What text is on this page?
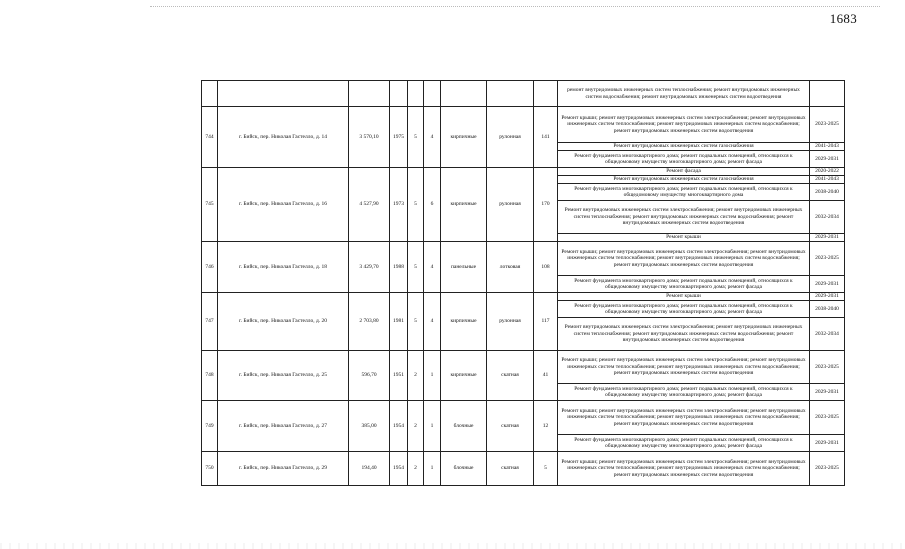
1683
									ремонт внутридомовых инженерных систем теплоснабжения; ремонт внутридомовых инженерных систем водоснабжения; ремонт внутридомовых инженерных систем водоотведения	
744	г. Бийск, пер. Николая Гастелло, д. 14	3 570,10	1975	5	4	кирпичные	рулонная	141	Ремонт крыши; ремонт внутридомовых инженерных систем электроснабжения; ремонт внутридомовых инженерных систем теплоснабжения; ремонт внутридомовых инженерных систем водоснабжения; ремонт внутридомовых инженерных систем водоотведения	2023-2025
									Ремонт внутридомовых инженерных систем газоснабжения	2041-2043
									Ремонт фундамента многоквартирного дома; ремонт подвальных помещений, относящихся к общедомовому имуществу многоквартирного дома; ремонт фасада	2029-2031
745	г. Бийск, пер. Николая Гастелло, д. 16	4 527,90	1973	5	6	кирпичные	рулонная	170	Ремонт фасада	2020-2022
									Ремонт внутридомовых инженерных систем газоснабжения	2041-2043
									Ремонт фундамента многоквартирного дома; ремонт подвальных помещений, относящихся к общедомовому имуществу многоквартирного дома	2038-2040
									Ремонт внутридомовых инженерных систем электроснабжения; ремонт внутридомовых инженерных систем теплоснабжения; ремонт внутридомовых инженерных систем водоснабжения; ремонт внутридомовых инженерных систем водоотведения	2032-2034
									Ремонт крыши	2029-2031
746	г. Бийск, пер. Николая Гастелло, д. 18	3 429,70	1988	5	4	панельные	лотковая	108	Ремонт крыши; ремонт внутридомовых инженерных систем электроснабжения; ремонт внутридомовых инженерных систем теплоснабжения; ремонт внутридомовых инженерных систем водоснабжения; ремонт внутридомовых инженерных систем водоотведения	2023-2025
									Ремонт фундамента многоквартирного дома; ремонт подвальных помещений, относящихся к общедомовому имуществу многоквартирного дома; ремонт фасада	2029-2031
747	г. Бийск, пер. Николая Гастелло, д. 20	2 703,80	1981	5	4	кирпичные	рулонная	117	Ремонт крыши	2029-2031
									Ремонт фундамента многоквартирного дома; ремонт подвальных помещений, относящихся к общедомовому имуществу многоквартирного дома; ремонт фасада	2038-2040
									Ремонт внутридомовых инженерных систем электроснабжения; ремонт внутридомовых инженерных систем теплоснабжения; ремонт внутридомовых инженерных систем водоснабжения; ремонт внутридомовых инженерных систем водоотведения	2032-2034
748	г. Бийск, пер. Николая Гастелло, д. 25	596,70	1951	2	1	кирпичные	скатная	41	Ремонт крыши; ремонт внутридомовых инженерных систем электроснабжения; ремонт внутридомовых инженерных систем теплоснабжения; ремонт внутридомовых инженерных систем водоснабжения; ремонт внутридомовых инженерных систем водоотведения	2023-2025
									Ремонт фундамента многоквартирного дома; ремонт подвальных помещений, относящихся к общедомовому имуществу многоквартирного дома; ремонт фасада	2029-2031
749	г. Бийск, пер. Николая Гастелло, д. 27	385,00	1954	2	1	блочные	скатная	12	Ремонт крыши; ремонт внутридомовых инженерных систем электроснабжения; ремонт внутридомовых инженерных систем теплоснабжения; ремонт внутридомовых инженерных систем водоснабжения; ремонт внутридомовых инженерных систем водоотведения	2023-2025
									Ремонт фундамента многоквартирного дома; ремонт подвальных помещений, относящихся к общедомовому имуществу многоквартирного дома; ремонт фасада	2029-2031
750	г. Бийск, пер. Николая Гастелло, д. 29	194,40	1954	2	1	блочные	скатная	5	Ремонт крыши; ремонт внутридомовых инженерных систем электроснабжения; ремонт внутридомовых инженерных систем теплоснабжения; ремонт внутридомовых инженерных систем водоснабжения; ремонт внутридомовых инженерных систем водоотведения	2023-2025
